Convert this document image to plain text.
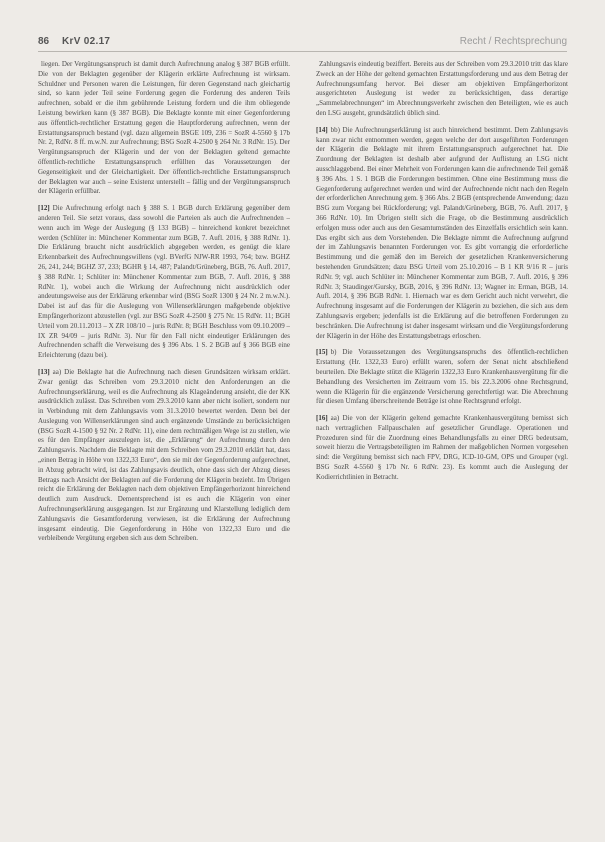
86 KrV 02.17	Recht / Rechtsprechung

liegen. Der Vergütungsanspruch ist damit durch Aufrechnung analog § 387 BGB erfüllt. Die von der Beklagten gegenüber der Klägerin erklärte Aufrechnung ist wirksam. Schuldner und Personen waren die Leistungen, für deren Gegenstand nach gleichartig sind, so kann jeder Teil seine Forderung gegen die Forderung des anderen Teils aufrechnen, sobald er die ihm gebührende Leistung fordern und die ihm obliegende Leistung bewirken kann (§ 387 BGB). Die Beklagte konnte mit einer Gegenforderung aus öffentlich-rechtlicher Erstattung gegen die Hauptforderung aufrechnen, wenn der Erstattungsanspruch bestand (vgl. dazu allgemein BSGE 109, 236 = SozR 4-5560 § 17b Nr. 2, RdNr. 8 ff. m.w.N. zur Aufrechnung; BSG SozR 4-2500 § 264 Nr. 3 RdNr. 15). Der Vergütungsanspruch der Klägerin und der von der Beklagten geltend gemachte öffentlich-rechtliche Erstattungsanspruch erfüllten das Voraussetzungen der Gegenseitigkeit und der Gleichartigkeit. Der öffentlich-rechtliche Erstattungsanspruch der Beklagten war auch – seine Existenz unterstellt – fällig und der Vergütungsanspruch der Klägerin erfüllbar.

[12] Die Aufrechnung erfolgt nach § 388 S. 1 BGB durch Erklärung gegenüber dem anderen Teil. Sie setzt voraus, dass sowohl die Parteien als auch die Aufrechnenden – wenn auch im Wege der Auslegung (§ 133 BGB) – hinreichend konkret bezeichnet werden (Schlüter in: Münchener Kommentar zum BGB, 7. Aufl. 2016, § 388 RdNr. 1). Die Erklärung braucht nicht ausdrücklich abgegeben werden, es genügt die klare Erkennbarkeit des Aufrechnungswillens (vgl. BVerfG NJW-RR 1993, 764; bzw. BGHZ 26, 241, 244; BGHZ 37, 233; BGHR § 14, 487; Palandt/Grüneberg, BGB, 76. Aufl. 2017, § 388 RdNr. 1; Schlüter in: Münchener Kommentar zum BGB, 7. Aufl. 2016, § 388 RdNr. 1), wobei auch die Wirkung der Aufrechnung nicht ausdrücklich oder andeutungsweise aus der Erklärung erkennbar wird (BSG SozR 1300 § 24 Nr. 2 m.w.N.). Dabei ist auf das für die Auslegung von Willenserklärungen maßgebende objektive Empfängerhorizont abzustellen (vgl. zur BSG SozR 4-2500 § 275 Nr. 15 RdNr. 11; BGH Urteil vom 20.11.2013 – X ZR 108/10 – juris RdNr. 8; BGH Beschluss vom 09.10.2009 – IX ZR 94/09 – juris RdNr. 3). Nur für den Fall nicht eindeutiger Erklärungen des Aufrechnenden schafft die Verweisung des § 396 Abs. 1 S. 2 BGB auf § 366 BGB eine Erleichterung (dazu bei).

[13] aa) Die Beklagte hat die Aufrechnung nach diesen Grundsätzen wirksam erklärt. Zwar genügt das Schreiben vom 29.3.2010 nicht den Anforderungen an die Aufrechnungserklärung, weil es die Aufrechnung als Klageänderung ansieht, die der KK ausdrücklich zulässt. Das Schreiben vom 29.3.2010 kann aber nicht isoliert, sondern nur in Verbindung mit dem Zahlungsavis vom 31.3.2010 bewertet werden. Denn bei der Auslegung von Willenserklärungen sind auch ergänzende Umstände zu berücksichtigen (BSG SozR 4-1500 § 92 Nr. 2 RdNr. 11), eine dem rechtmäßigen Wege ist zu stellen, wie es für den Empfänger auszulegen ist, die „Erklärung“ der Aufrechnung durch den Zahlungsavis. Nachdem die Beklagte mit dem Schreiben vom 29.3.2010 erklärt hat, dass „einen Betrag in Höhe von 1322,33 Euro“, den sie mit der Gegenforderung aufgerechnet, in Abzug gebracht wird, ist das Zahlungsavis deutlich, ohne dass sich der Abzug dieses Betrags nach Ansicht der Beklagten auf die Forderung der Klägerin bezieht. Im Übrigen reicht die Erklärung der Beklagten nach dem objektiven Empfängerhorizont hinreichend deutlich zum Ausdruck. Dementsprechend ist es auch die Klägerin von einer Aufrechnungserklärung ausgegangen. Ist zur Ergänzung und Klarstellung lediglich dem Zahlungsavis die Gesamtforderung verwiesen, ist die Erklärung der Aufrechnung insgesamt eindeutig. Die Gegenforderung in Höhe von 1322,33 Euro und die verbleibende Vergütung ergeben sich aus dem Schreiben.

Zahlungsavis eindeutig beziffert. Bereits aus der Schreiben vom 29.3.2010 tritt das klare Zweck an der Höhe der geltend gemachten Erstattungsforderung und aus dem Betrag der Aufrechnungsumfang hervor. Bei dieser am objektiven Empfängerhorizont ausgerichteten Auslegung ist weder zu berücksichtigen, dass derartige „Sammelabrechnungen“ im Abrechnungsverkehr zwischen den Beteiligten, wie es auch den LSG ausgeht, grundsätzlich üblich sind.

[14] bb) Die Aufrechnungserklärung ist auch hinreichend bestimmt. Dem Zahlungsavis kann zwar nicht entnommen werden, gegen welche der dort ausgeführten Forderungen der Klägerin die Beklagte mit ihrem Erstattungsanspruch aufgerechnet hat. Die Zuordnung der Beklagten ist deshalb aber aufgrund der Auflistung an LSG nicht ausschlaggebend. Bei einer Mehrheit von Forderungen kann die aufrechnende Teil gemäß § 396 Abs. 1 S. 1 BGB die Forderungen bestimmen. Ohne eine Bestimmung muss die Gegenforderung aufgerechnet werden und wird der Aufrechnende nicht nach den Regeln der erforderlichen Anrechnung gem. § 366 Abs. 2 BGB (entsprechende Anwendung; dazu BSG zum Vorgang bei Rückforderung; vgl. Palandt/Grüneberg, BGB, 76. Aufl. 2017, § 366 RdNr. 10). Im Übrigen stellt sich die Frage, ob die Bestimmung ausdrücklich erfolgen muss oder auch aus den Gesamtumständen des Einzelfalls ersichtlich sein kann. Das ergibt sich aus dem Vorstehenden. Die Beklagte nimmt die Aufrechnung aufgrund der im Zahlungsavis benannten Forderungen vor. Es gibt vorrangig die erforderliche Bestimmung und die gemäß den im Bereich der gesetzlichen Krankenversicherung bestehenden Grundsätzen; dazu BSG Urteil vom 25.10.2016 – B 1 KR 9/16 R – juris RdNr. 9; vgl. auch Schlüter in: Münchener Kommentar zum BGB, 7. Aufl. 2016, § 396 RdNr. 3; Staudinger/Gursky, BGB, 2016, § 396 RdNr. 13; Wagner in: Erman, BGB, 14. Aufl. 2014, § 396 BGB RdNr. 1. Hiernach war es dem Gericht auch nicht verwehrt, die Aufrechnung insgesamt auf die Forderungen der Klägerin zu beziehen, die sich aus dem Zahlungsavis ergeben; jedenfalls ist die Erklärung auf die betroffenen Forderungen zu beschränken. Die Aufrechnung ist daher insgesamt wirksam und die Vergütungsforderung der Klägerin in der Höhe des Erstattungsbetrags erloschen.

[15] b) Die Voraussetzungen des Vergütungsanspruchs des öffentlich-rechtlichen Erstattung (Hr. 1322,33 Euro) erfüllt waren, sofern der Senat nicht abschließend beurteilen. Die Beklagte stützt die Klägerin 1322,33 Euro Krankenhausvergütung für die Behandlung des Versicherten im Zeitraum vom 15. bis 22.3.2006 ohne Rechtsgrund, wenn die Klägerin für die ergänzende Versicherung gerechtfertigt war. Die Abrechnung für diesen Umfang überschreitende Beträge ist ohne Rechtsgrund erfolgt.

[16] aa) Die von der Klägerin geltend gemachte Krankenhausvergütung bemisst sich nach vertraglichen Fallpauschalen auf gesetzlicher Grundlage. Operationen und Prozeduren sind für die Zuordnung eines Behandlungsfalls zu einer DRG bedeutsam, soweit hierzu die Vertragsbeteiligten im Rahmen der maßgeblichen Normen vorgesehen sind: die Vergütung bemisst sich nach FPV, DRG, ICD-10-GM, OPS und Grouper (vgl. BSG SozR 4-5560 § 17b Nr. 6 RdNr. 23). Es kommt auch die Auslegung der Kodierrichtlinien in Betracht.
